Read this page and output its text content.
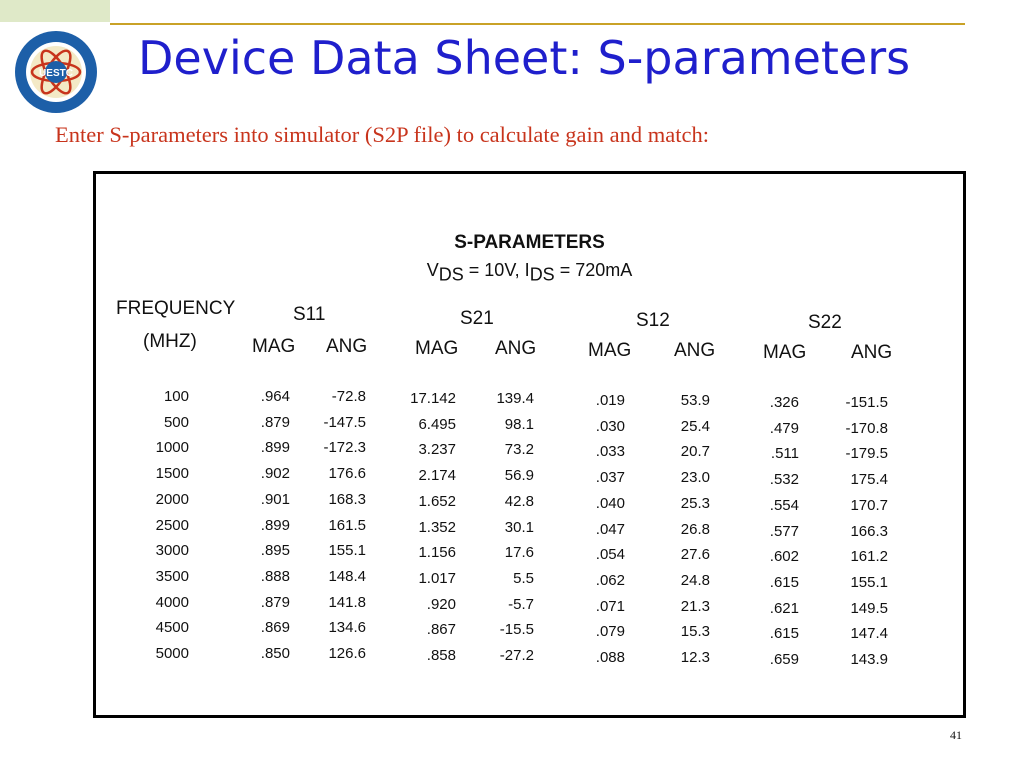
UESTC Device Data Sheet: S-parameters
Enter S-parameters into simulator (S2P file) to calculate gain and match:
S-PARAMETERS
$V_{DS} = 10V$, $I_{DS} = 720mA$
FREQUENCY
(MHZ)
S11	S21	S12	S22
MAG ANG	MAG ANG	MAG ANG	MAG ANG
100	.964	-72.8	17.142	139.4	.019	53.9	.326	-151.5
500	.879	-147.5	6.495	98.1	.030	25.4	.479	-170.8
1000	.899	-172.3	3.237	73.2	.033	20.7	.511	-179.5
1500	.902	176.6	2.174	56.9	.037	23.0	.532	175.4
2000	.901	168.3	1.652	42.8	.040	25.3	.554	170.7
2500	.899	161.5	1.352	30.1	.047	26.8	.577	166.3
3000	.895	155.1	1.156	17.6	.054	27.6	.602	161.2
3500	.888	148.4	1.017	5.5	.062	24.8	.615	155.1
4000	.879	141.8	.920	-5.7	.071	21.3	.621	149.5
4500	.869	134.6	.867	-15.5	.079	15.3	.615	147.4
5000	.850	126.6	.858	-27.2	.088	12.3	.659	143.9
41
